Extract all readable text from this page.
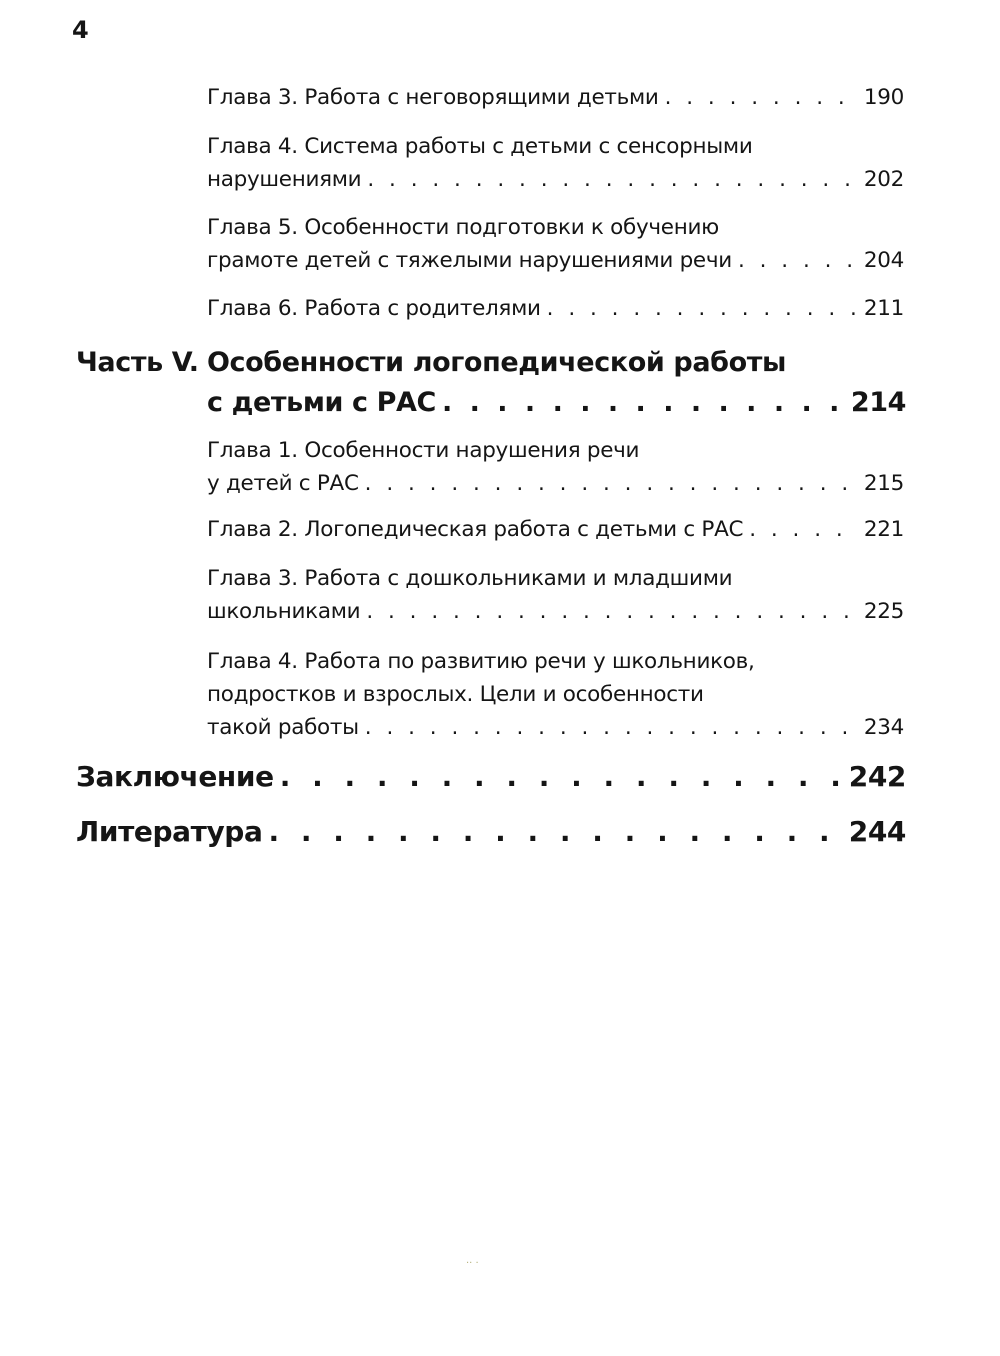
4
Глава 3. Работа с неговорящими детьми . . .	190
Глава 4. Система работы с детьми с сенсорными
нарушениями . . .	202
Глава 5. Особенности подготовки к обучению
грамоте детей с тяжелыми нарушениями речи . . .	204
Глава 6. Работа с родителями . . .	211
Часть V. Особенности логопедической работы
с детьми с РАС . . .	214
Глава 1. Особенности нарушения речи
у детей с РАС . . .	215
Глава 2. Логопедическая работа с детьми с РАС . . .	221
Глава 3. Работа с дошкольниками и младшими
школьниками . . .	225
Глава 4. Работа по развитию речи у школьников,
подростков и взрослых. Цели и особенности
такой работы . . .	234
Заключение . . .	242
Литература . . .	244
·· ·
